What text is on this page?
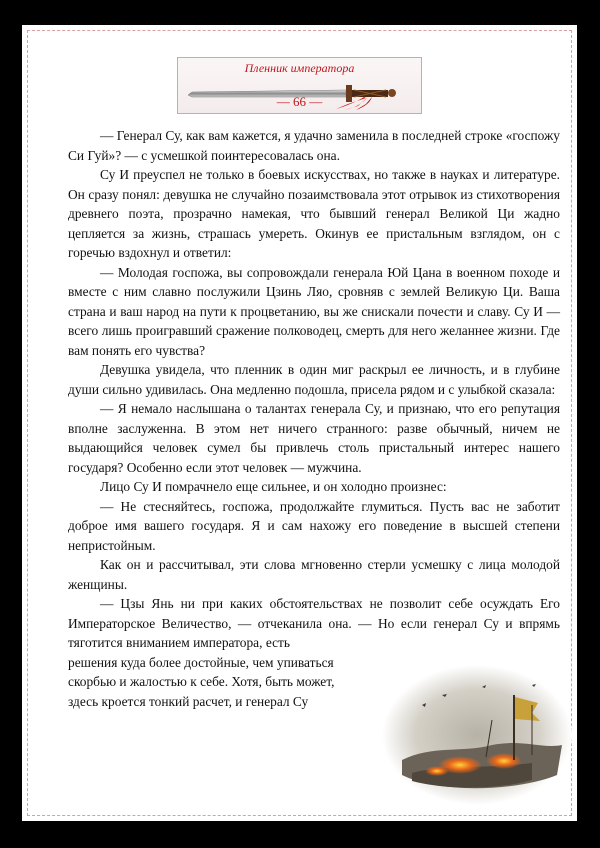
Пленник императора
— 66 —

— Генерал Су, как вам кажется, я удачно заменила в последней строке «госпожу Си Гуй»? — с усмешкой поинтересовалась она.

Су И преуспел не только в боевых искусствах, но также в науках и литературе. Он сразу понял: девушка не случайно позаимствовала этот отрывок из стихотворения древнего поэта, прозрачно намекая, что бывший генерал Великой Ци жадно цепляется за жизнь, страшась умереть. Окинув ее пристальным взглядом, он с горечью вздохнул и ответил:

— Молодая госпожа, вы сопровождали генерала Юй Цана в военном походе и вместе с ним славно послужили Цзинь Ляо, сровняв с землей Великую Ци. Ваша страна и ваш народ на пути к процветанию, вы же снискали почести и славу. Су И — всего лишь проигравший сражение полководец, смерть для него желаннее жизни. Где вам понять его чувства?

Девушка увидела, что пленник в один миг раскрыл ее личность, и в глубине души сильно удивилась. Она медленно подошла, присела рядом и с улыбкой сказала:

— Я немало наслышана о талантах генерала Су, и признаю, что его репутация вполне заслуженна. В этом нет ничего странного: разве обычный, ничем не выдающийся человек сумел бы привлечь столь пристальный интерес нашего государя? Особенно если этот человек — мужчина.

Лицо Су И помрачнело еще сильнее, и он холодно произнес:

— Не стесняйтесь, госпожа, продолжайте глумиться. Пусть вас не заботит доброе имя вашего государя. Я и сам нахожу его поведение в высшей степени непристойным.

Как он и рассчитывал, эти слова мгновенно стерли усмешку с лица молодой женщины.

— Цзы Янь ни при каких обстоятельствах не позволит себе осуждать Его Императорское Величество, — отчеканила она. — Но если генерал Су и впрямь тяготится вниманием императора, есть

решения куда более достойные, чем упиваться

скорбью и жалостью к себе. Хотя, быть может,

здесь кроется тонкий расчет, и генерал Су
